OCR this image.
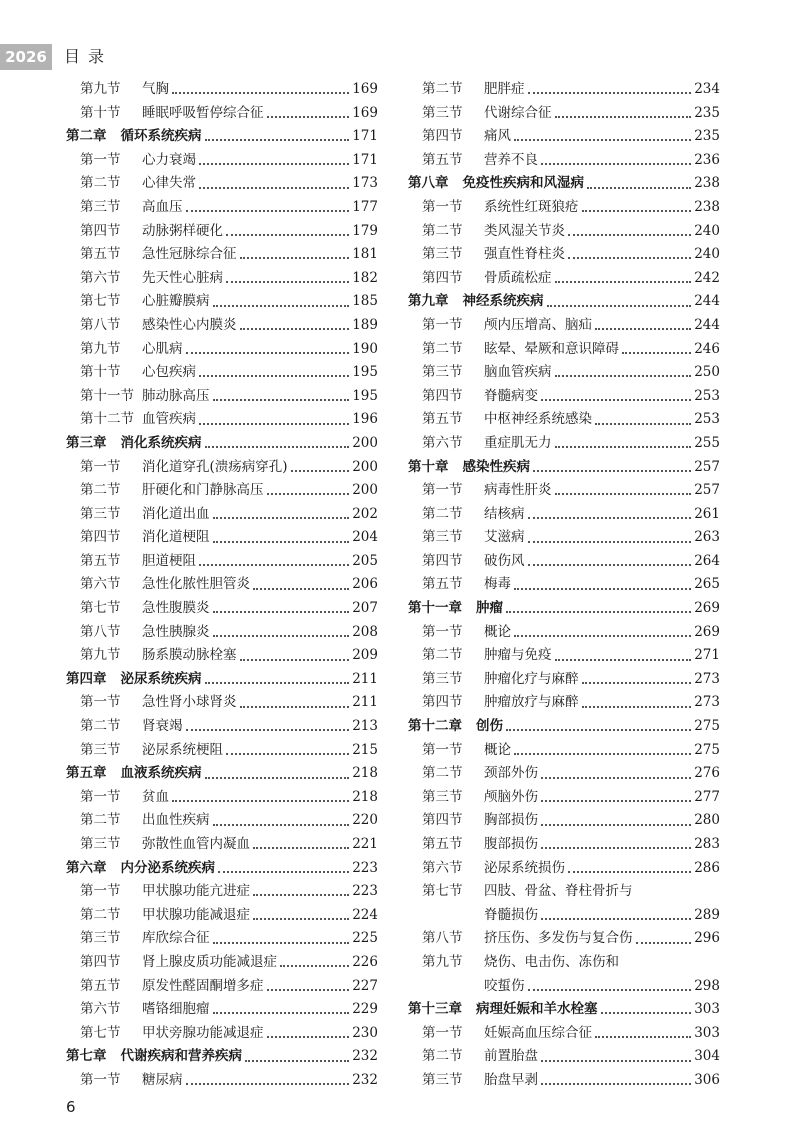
2026	目录
第九节	气胸	169
第十节	睡眠呼吸暂停综合征	169
第二章 循环系统疾病	171
第一节	心力衰竭	171
第二节	心律失常	173
第三节	高血压	177
第四节	动脉粥样硬化	179
第五节	急性冠脉综合征	181
第六节	先天性心脏病	182
第七节	心脏瓣膜病	185
第八节	感染性心内膜炎	189
第九节	心肌病	190
第十节	心包疾病	195
第十一节 肺动脉高压	195
第十二节 血管疾病	196
第三章 消化系统疾病	200
第一节	消化道穿孔(溃疡病穿孔)	200
第二节	肝硬化和门静脉高压	200
第三节	消化道出血	202
第四节	消化道梗阻	204
第五节	胆道梗阻	205
第六节	急性化脓性胆管炎	206
第七节	急性腹膜炎	207
第八节	急性胰腺炎	208
第九节	肠系膜动脉栓塞	209
第四章 泌尿系统疾病	211
第一节	急性肾小球肾炎	211
第二节	肾衰竭	213
第三节	泌尿系统梗阻	215
第五章 血液系统疾病	218
第一节	贫血	218
第二节	出血性疾病	220
第三节	弥散性血管内凝血	221
第六章 内分泌系统疾病	223
第一节	甲状腺功能亢进症	223
第二节	甲状腺功能减退症	224
第三节	库欣综合征	225
第四节	肾上腺皮质功能减退症	226
第五节	原发性醛固酮增多症	227
第六节	嗜铬细胞瘤	229
第七节	甲状旁腺功能减退症	230
第七章 代谢疾病和营养疾病	232
第一节	糖尿病	232
第二节	肥胖症	234
第三节	代谢综合征	235
第四节	痛风	235
第五节	营养不良	236
第八章 免疫性疾病和风湿病	238
第一节	系统性红斑狼疮	238
第二节	类风湿关节炎	240
第三节	强直性脊柱炎	240
第四节	骨质疏松症	242
第九章 神经系统疾病	244
第一节	颅内压增高、脑疝	244
第二节	眩晕、晕厥和意识障碍	246
第三节	脑血管疾病	250
第四节	脊髓病变	253
第五节	中枢神经系统感染	253
第六节	重症肌无力	255
第十章 感染性疾病	257
第一节	病毒性肝炎	257
第二节	结核病	261
第三节	艾滋病	263
第四节	破伤风	264
第五节	梅毒	265
第十一章 肿瘤	269
第一节	概论	269
第二节	肿瘤与免疫	271
第三节	肿瘤化疗与麻醉	273
第四节	肿瘤放疗与麻醉	273
第十二章 创伤	275
第一节	概论	275
第二节	颈部外伤	276
第三节	颅脑外伤	277
第四节	胸部损伤	280
第五节	腹部损伤	283
第六节	泌尿系统损伤	286
第七节	四肢、骨盆、脊柱骨折与
脊髓损伤	289
第八节	挤压伤、多发伤与复合伤	296
第九节	烧伤、电击伤、冻伤和
咬蜇伤	298
第十三章 病理妊娠和羊水栓塞	303
第一节	妊娠高血压综合征	303
第二节	前置胎盘	304
第三节	胎盘早剥	306
6
